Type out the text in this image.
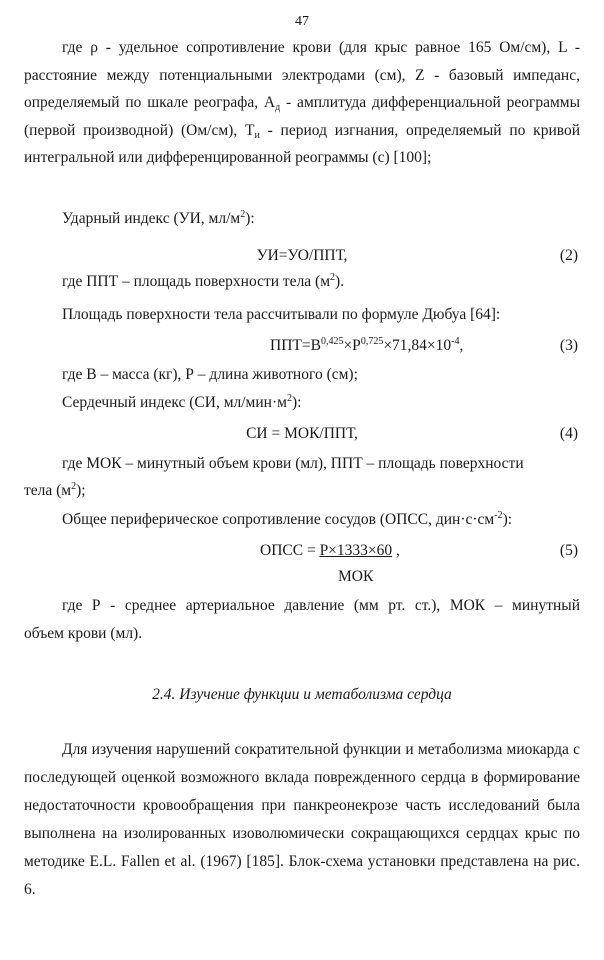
47

где ρ - удельное сопротивление крови (для крыс равное 165 Ом/см), L - расстояние между потенциальными электродами (см), Z - базовый импеданс, определяемый по шкале реографа, $А_д$ - амплитуда дифференциальной реограммы (первой производной) (Ом/см), $Т_и$ - период изгнания, определяемый по кривой интегральной или дифференцированной реограммы (с) [100];

Ударный индекс (УИ, $мл/м^2$):
УИ=УО/ППТ,	(2)
где ППТ – площадь поверхности тела $(м^2)$.
Площадь поверхности тела рассчитывали по формуле Дюбуа [64]:
$ППТ=В^{0,425}\times Р^{0,725}\times 71,84\times 10^{-4}$,	(3)
где В – масса (кг), Р – длина животного (см);
Сердечный индекс (СИ, $мл/мин\cdot м^2$):
СИ = МОК/ППТ,	(4)
где МОК – минутный объем крови (мл), ППТ – площадь поверхности
тела $(м^2)$;
Общее периферическое сопротивление сосудов (ОПСС, $дин\cdot с\cdot см^{-2}$):
ОПСС = Р×1333×60 ,	(5)
МОК
где Р - среднее артериальное давление (мм рт. ст.), МОК – минутный
объем крови (мл).
2.4. Изучение функции и метаболизма сердца

Для изучения нарушений сократительной функции и метаболизма миокарда с последующей оценкой возможного вклада поврежденного сердца в формирование недостаточности кровообращения при панкреонекрозе часть исследований была выполнена на изолированных изоволюмически сокращающихся сердцах крыс по методике E.L. Fallen et al. (1967) [185]. Блок-схема установки представлена на рис. 6.
